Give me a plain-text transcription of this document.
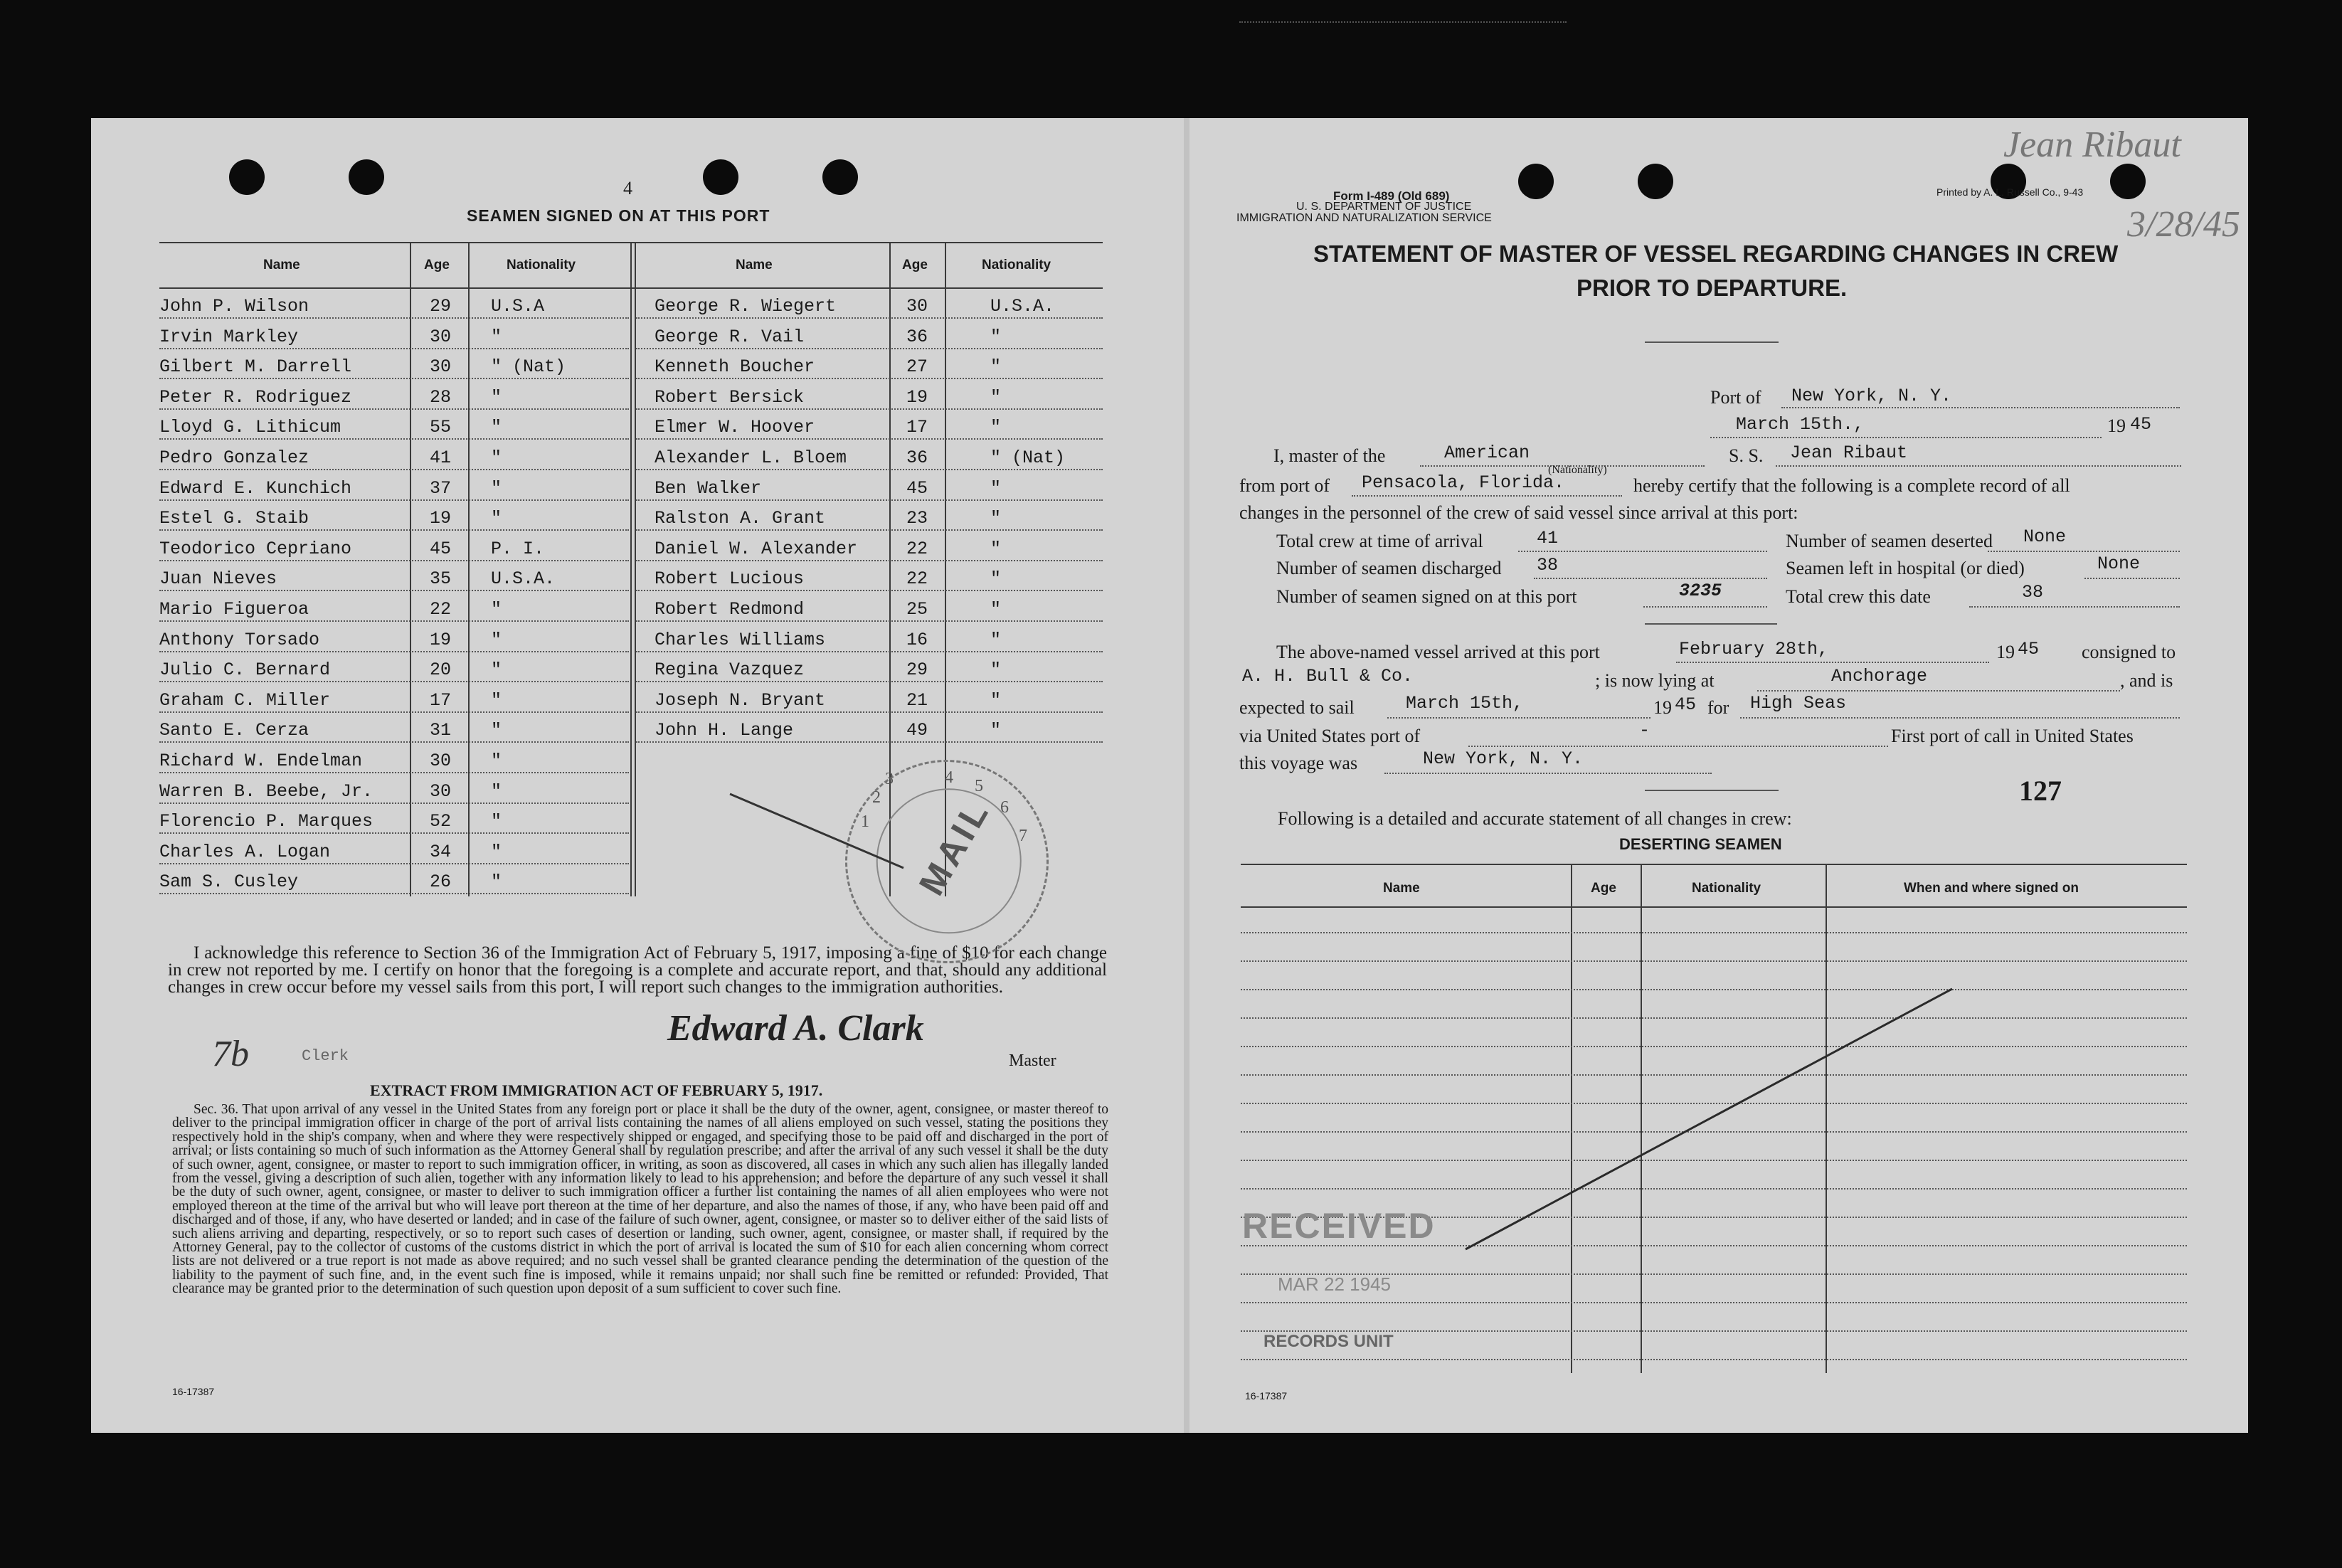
4
SEAMEN SIGNED ON AT THIS PORT
Name	Age	Nationality	Name	Age	Nationality
John P. Wilson	29 U.S.A
Irvin Markley	30 "
Gilbert M. Darrell	30 " (Nat)
Peter R. Rodriguez	28 "
Lloyd G. Lithicum	55 "
Pedro Gonzalez	41 "
Edward E. Kunchich	37 "
Estel G. Staib	19 "
Teodorico Cepriano	45 P. I.
Juan Nieves	35 U.S.A.
Mario Figueroa	22 "
Anthony Torsado	19 "
Julio C. Bernard	20 "
Graham C. Miller	17 "
Santo E. Cerza	31 "
Richard W. Endelman	30 "
Warren B. Beebe, Jr.	30 "
Florencio P. Marques	52 "
Charles A. Logan	34 "
Sam S. Cusley	26 "
George R. Wiegert	30	U.S.A.
George R. Vail	36	"
Kenneth Boucher	27	"
Robert Bersick	19	"
Elmer W. Hoover	17	"
Alexander L. Bloem	36	" (Nat)
Ben Walker	45	"
Ralston A. Grant	23	"
Daniel W. Alexander	22	"
Robert Lucious	22	"
Robert Redmond	25	"
Charles Williams	16	"
Regina Vazquez	29	"
Joseph N. Bryant	21	"
John H. Lange	49	"
I acknowledge this reference to Section 36 of the Immigration Act of February 5, 1917, imposing a fine of $10 for each change in crew not reported by me. I certify on honor that the foregoing is a complete and accurate report, and that, should any additional changes in crew occur before my vessel sails from this port, I will report such changes to the immigration authorities.
7b	Clerk
Edward A. Clark
Master
EXTRACT FROM IMMIGRATION ACT OF FEBRUARY 5, 1917.
Sec. 36. That upon arrival of any vessel in the United States from any foreign port or place it shall be the duty of the owner, agent, consignee, or master thereof to deliver to the principal immigration officer in charge of the port of arrival lists containing the names of all aliens employed on such vessel, stating the positions they respectively hold in the ship's company, when and where they were respectively shipped or engaged, and specifying those to be paid off and discharged in the port of arrival; or lists containing so much of such information as the Attorney General shall by regulation prescribe; and after the arrival of any such vessel it shall be the duty of such owner, agent, consignee, or master to report to such immigration officer, in writing, as soon as discovered, all cases in which any such alien has illegally landed from the vessel, giving a description of such alien, together with any information likely to lead to his apprehension; and before the departure of any such vessel it shall be the duty of such owner, agent, consignee, or master to deliver to such immigration officer a further list containing the names of all alien employees who were not employed thereon at the time of the arrival but who will leave port thereon at the time of her departure, and also the names of those, if any, who have been paid off and discharged and of those, if any, who have deserted or landed; and in case of the failure of such owner, agent, consignee, or master so to deliver either of the said lists of such aliens arriving and departing, respectively, or so to report such cases of desertion or landing, such owner, agent, consignee, or master shall, if required by the Attorney General, pay to the collector of customs of the customs district in which the port of arrival is located the sum of $10 for each alien concerning whom correct lists are not delivered or a true report is not made as above required; and no such vessel shall be granted clearance pending the determination of the question of the liability to the payment of such fine, and, in the event such fine is imposed, while it remains unpaid; nor shall such fine be remitted or refunded: Provided, That clearance may be granted prior to the determination of such question upon deposit of a sum sufficient to cover such fine.
16-17387
MAIL
4 5
6
7
1
2
3
Jean Ribaut
3/28/45
Form I-489 (Old 689)
U. S. DEPARTMENT OF JUSTICE
IMMIGRATION AND NATURALIZATION SERVICE
Printed by A. L. Russell Co., 9-43
STATEMENT OF MASTER OF VESSEL REGARDING CHANGES IN CREW
PRIOR TO DEPARTURE.
Port of New York, N. Y.
March 15th.,	19 45
I, master of the	American
(Nationality)
S. S. Jean Ribaut
from port of Pensacola, Florida.	hereby certify that the following is a complete record of all
changes in the personnel of the crew of said vessel since arrival at this port:
Total crew at time of arrival	41	Number of seamen deserted None
Number of seamen discharged 38	Seamen left in hospital (or died)	None
Number of seamen signed on at this port	3235	Total crew this date	38
The above-named vessel arrived at this port	February 28th,	19 45 consigned to
A. H. Bull & Co.	; is now lying at	Anchorage	, and is
expected to sail	March 15th,	19 45 for High Seas
via United States port of	-	First port of call in United States
this voyage was	New York, N. Y.
127
Following is a detailed and accurate statement of all changes in crew:
DESERTING SEAMEN
Name	Age	Nationality	When and where signed on
RECEIVED
MAR 22 1945
RECORDS UNIT
16-17387
